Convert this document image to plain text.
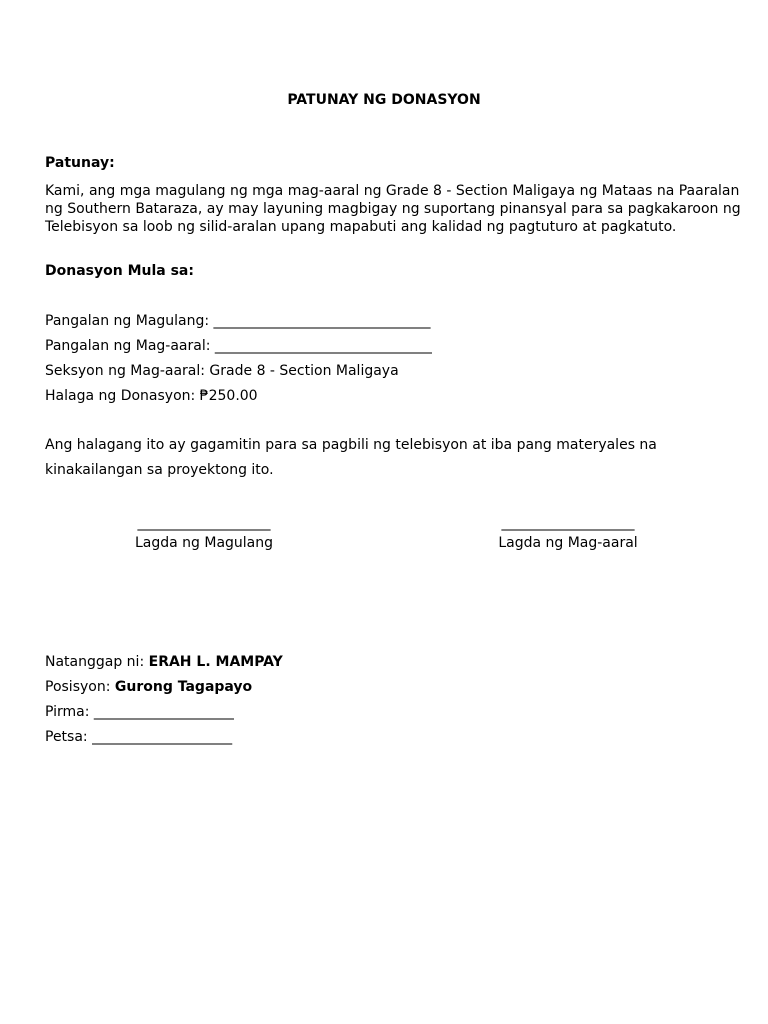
PATUNAY NG DONASYON
Patunay:
Kami, ang mga magulang ng mga mag-aaral ng Grade 8 - Section Maligaya ng Mataas na Paaralan
ng Southern Bataraza, ay may layuning magbigay ng suportang pinansyal para sa pagkakaroon ng
Telebisyon sa loob ng silid-aralan upang mapabuti ang kalidad ng pagtuturo at pagkatuto.
Donasyon Mula sa:
Pangalan ng Magulang: _______________________________
Pangalan ng Mag-aaral: _______________________________
Seksyon ng Mag-aaral: Grade 8 - Section Maligaya
Halaga ng Donasyon: ₱250.00
Ang halagang ito ay gagamitin para sa pagbili ng telebisyon at iba pang materyales na
kinakailangan sa proyektong ito.
___________________
Lagda ng Magulang
___________________
Lagda ng Mag-aaral
Natanggap ni: ERAH L. MAMPAY
Posisyon: Gurong Tagapayo
Pirma: ____________________
Petsa: ____________________
